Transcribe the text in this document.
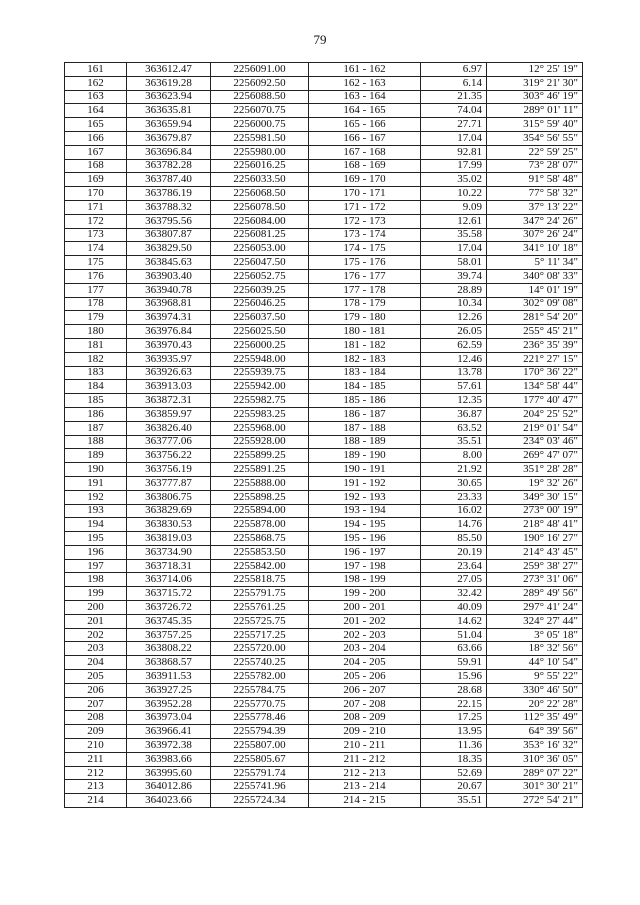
79
161	363612.47	2256091.00	161 - 162	6.97	12° 25' 19"
162	363619.28	2256092.50	162 - 163	6.14	319° 21' 30"
163	363623.94	2256088.50	163 - 164	21.35	303° 46' 19"
164	363635.81	2256070.75	164 - 165	74.04	289° 01' 11"
165	363659.94	2256000.75	165 - 166	27.71	315° 59' 40"
166	363679.87	2255981.50	166 - 167	17.04	354° 56' 55"
167	363696.84	2255980.00	167 - 168	92.81	22° 59' 25"
168	363782.28	2256016.25	168 - 169	17.99	73° 28' 07"
169	363787.40	2256033.50	169 - 170	35.02	91° 58' 48"
170	363786.19	2256068.50	170 - 171	10.22	77° 58' 32"
171	363788.32	2256078.50	171 - 172	9.09	37° 13' 22"
172	363795.56	2256084.00	172 - 173	12.61	347° 24' 26"
173	363807.87	2256081.25	173 - 174	35.58	307° 26' 24"
174	363829.50	2256053.00	174 - 175	17.04	341° 10' 18"
175	363845.63	2256047.50	175 - 176	58.01	5° 11' 34"
176	363903.40	2256052.75	176 - 177	39.74	340° 08' 33"
177	363940.78	2256039.25	177 - 178	28.89	14° 01' 19"
178	363968.81	2256046.25	178 - 179	10.34	302° 09' 08"
179	363974.31	2256037.50	179 - 180	12.26	281° 54' 20"
180	363976.84	2256025.50	180 - 181	26.05	255° 45' 21"
181	363970.43	2256000.25	181 - 182	62.59	236° 35' 39"
182	363935.97	2255948.00	182 - 183	12.46	221° 27' 15"
183	363926.63	2255939.75	183 - 184	13.78	170° 36' 22"
184	363913.03	2255942.00	184 - 185	57.61	134° 58' 44"
185	363872.31	2255982.75	185 - 186	12.35	177° 40' 47"
186	363859.97	2255983.25	186 - 187	36.87	204° 25' 52"
187	363826.40	2255968.00	187 - 188	63.52	219° 01' 54"
188	363777.06	2255928.00	188 - 189	35.51	234° 03' 46"
189	363756.22	2255899.25	189 - 190	8.00	269° 47' 07"
190	363756.19	2255891.25	190 - 191	21.92	351° 28' 28"
191	363777.87	2255888.00	191 - 192	30.65	19° 32' 26"
192	363806.75	2255898.25	192 - 193	23.33	349° 30' 15"
193	363829.69	2255894.00	193 - 194	16.02	273° 00' 19"
194	363830.53	2255878.00	194 - 195	14.76	218° 48' 41"
195	363819.03	2255868.75	195 - 196	85.50	190° 16' 27"
196	363734.90	2255853.50	196 - 197	20.19	214° 43' 45"
197	363718.31	2255842.00	197 - 198	23.64	259° 38' 27"
198	363714.06	2255818.75	198 - 199	27.05	273° 31' 06"
199	363715.72	2255791.75	199 - 200	32.42	289° 49' 56"
200	363726.72	2255761.25	200 - 201	40.09	297° 41' 24"
201	363745.35	2255725.75	201 - 202	14.62	324° 27' 44"
202	363757.25	2255717.25	202 - 203	51.04	3° 05' 18"
203	363808.22	2255720.00	203 - 204	63.66	18° 32' 56"
204	363868.57	2255740.25	204 - 205	59.91	44° 10' 54"
205	363911.53	2255782.00	205 - 206	15.96	9° 55' 22"
206	363927.25	2255784.75	206 - 207	28.68	330° 46' 50"
207	363952.28	2255770.75	207 - 208	22.15	20° 22' 28"
208	363973.04	2255778.46	208 - 209	17.25	112° 35' 49"
209	363966.41	2255794.39	209 - 210	13.95	64° 39' 56"
210	363972.38	2255807.00	210 - 211	11.36	353° 16' 32"
211	363983.66	2255805.67	211 - 212	18.35	310° 36' 05"
212	363995.60	2255791.74	212 - 213	52.69	289° 07' 22"
213	364012.86	2255741.96	213 - 214	20.67	301° 30' 21"
214	364023.66	2255724.34	214 - 215	35.51	272° 54' 21"
